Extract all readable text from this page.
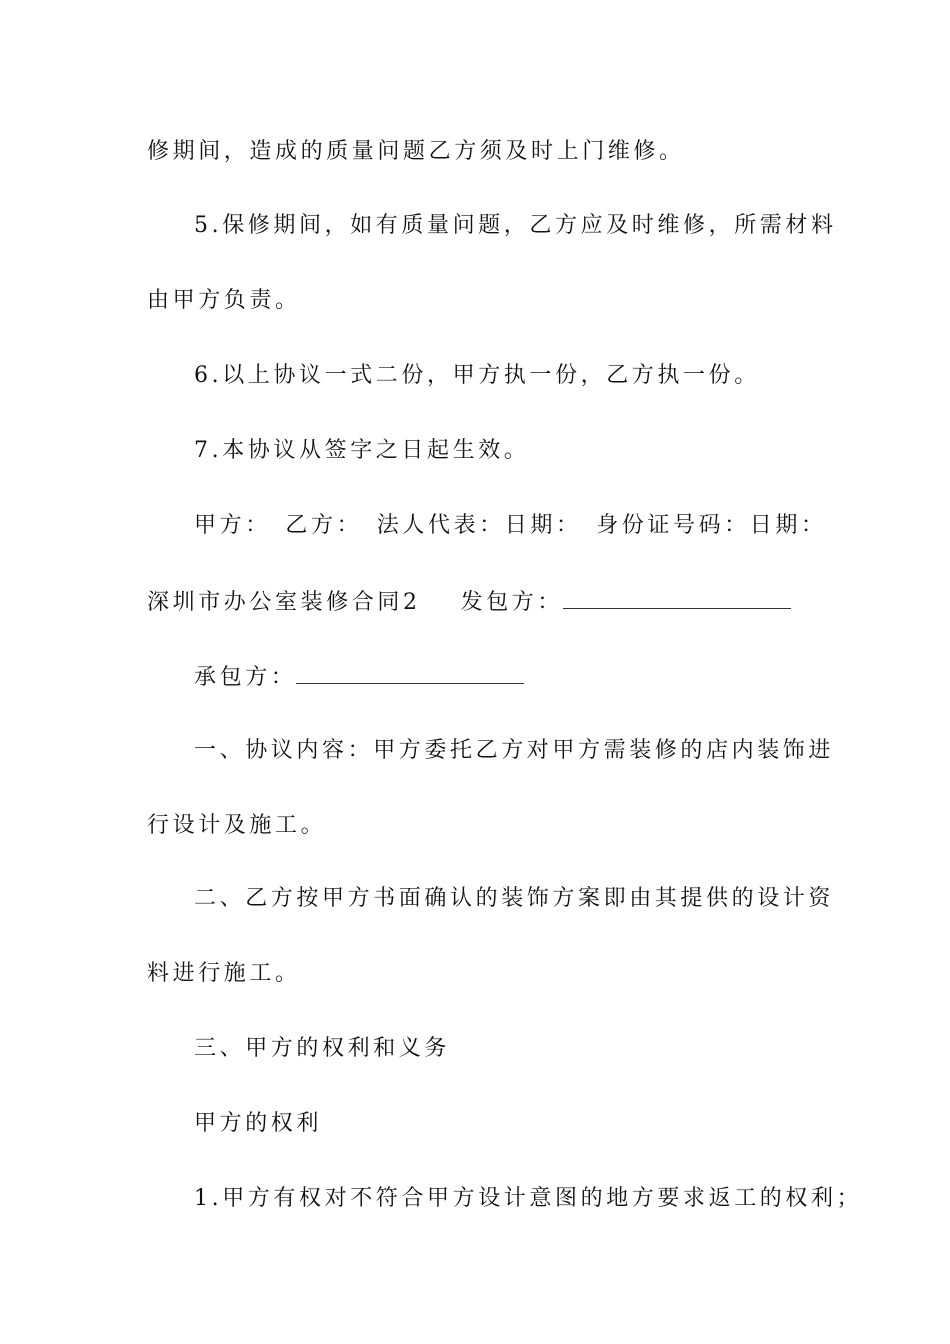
修期间，造成的质量问题乙方须及时上门维修。
5.保修期间，如有质量问题，乙方应及时维修，所需材料
由甲方负责。
6.以上协议一式二份，甲方执一份，乙方执一份。
7.本协议从签字之日起生效。
甲方：　乙方：　法人代表：日期：　身份证号码：日期：
深圳市办公室装修合同2 发包方：
承包方：
一、协议内容：甲方委托乙方对甲方需装修的店内装饰进
行设计及施工。
二、乙方按甲方书面确认的装饰方案即由其提供的设计资
料进行施工。
三、甲方的权利和义务
甲方的权利
1.甲方有权对不符合甲方设计意图的地方要求返工的权利；
